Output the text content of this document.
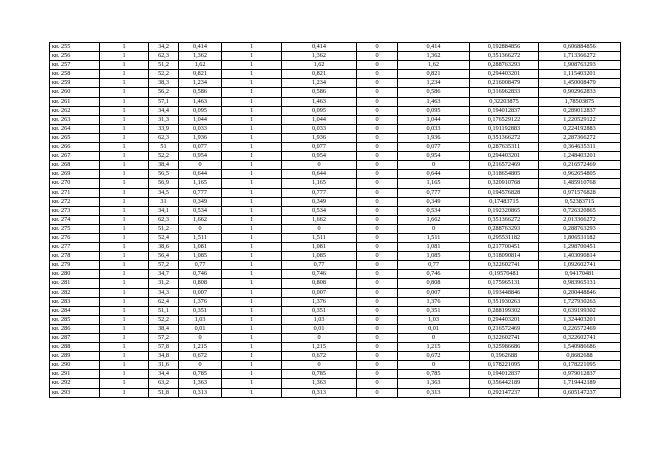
кв. 255	1	34,2	0,414	1	0,414	0	0,414	0,192884856	0,606884856
кв. 256	1	62,3	1,362	1	1,362	0	1,362	0,351366272	1,713366272
кв. 257	1	51,2	1,62	1	1,62	0	1,62	0,288763293	1,908763293
кв. 258	1	52,2	0,821	1	0,821	0	0,821	0,294403201	1,115403201
кв. 259	1	38,3	1,234	1	1,234	0	1,234	0,216008479	1,450008479
кв. 260	1	56,2	0,586	1	0,586	0	0,586	0,316962833	0,902962833
кв. 261	1	57,1	1,463	1	1,463	0	1,463	0,32203875	1,78503875
кв. 262	1	34,4	0,095	1	0,095	0	0,095	0,194012837	0,289012837
кв. 263	1	31,3	1,044	1	1,044	0	1,044	0,176529122	1,220529122
кв. 264	1	33,9	0,033	1	0,033	0	0,033	0,191192883	0,224192883
кв. 265	1	62,3	1,936	1	1,936	0	1,936	0,351366272	2,287366272
кв. 266	1	51	0,077	1	0,077	0	0,077	0,287635311	0,364635311
кв. 267	1	52,2	0,954	1	0,954	0	0,954	0,294403201	1,248403201
кв. 268	1	38,4	0	1	0	0	0	0,216572469	0,216572469
кв. 269	1	56,5	0,644	1	0,644	0	0,644	0,318654805	0,962654805
кв. 270	1	56,9	1,165	1	1,165	0	1,165	0,320910768	1,485910768
кв. 271	1	34,5	0,777	1	0,777	0	0,777	0,194576828	0,971576828
кв. 272	1	31	0,349	1	0,349	0	0,349	0,17483715	0,52383715
кв. 273	1	34,1	0,534	1	0,534	0	0,534	0,192320865	0,726320865
кв. 274	1	62,3	1,662	1	1,662	0	1,662	0,351366272	2,013366272
кв. 275	1	51,2	0	1	0	0	0	0,288763293	0,288763293
кв. 276	1	52,4	1,511	1	1,511	0	1,511	0,295531182	1,806531182
кв. 277	1	38,6	1,081	1	1,081	0	1,081	0,217700451	1,298700451
кв. 278	1	56,4	1,085	1	1,085	0	1,085	0,318090814	1,403090814
кв. 279	1	57,2	0,77	1	0,77	0	0,77	0,322602741	1,092602741
кв. 280	1	34,7	0,746	1	0,746	0	0,746	0,19570481	0,94170481
кв. 281	1	31,2	0,808	1	0,808	0	0,808	0,175965131	0,983965131
кв. 282	1	34,3	0,007	1	0,007	0	0,007	0,193448846	0,200448846
кв. 283	1	62,4	1,376	1	1,376	0	1,376	0,351930263	1,727930263
кв. 284	1	51,1	0,351	1	0,351	0	0,351	0,288199302	0,639199302
кв. 285	1	52,2	1,03	1	1,03	0	1,03	0,294403201	1,324403201
кв. 286	1	38,4	0,01	1	0,01	0	0,01	0,216572469	0,226572469
кв. 287	1	57,2	0	1	0	0	0	0,322602741	0,322602741
кв. 288	1	57,8	1,215	1	1,215	0	1,215	0,325986686	1,540986686
кв. 289	1	34,8	0,672	1	0,672	0	0,672	0,1962688	0,8682688
кв. 290	1	31,6	0	1	0	0	0	0,178221095	0,178221095
кв. 291	1	34,4	0,785	1	0,785	0	0,785	0,194012837	0,979012837
кв. 292	1	63,2	1,363	1	1,363	0	1,363	0,356442189	1,719442189
кв. 293	1	51,8	0,313	1	0,313	0	0,313	0,292147237	0,605147237
